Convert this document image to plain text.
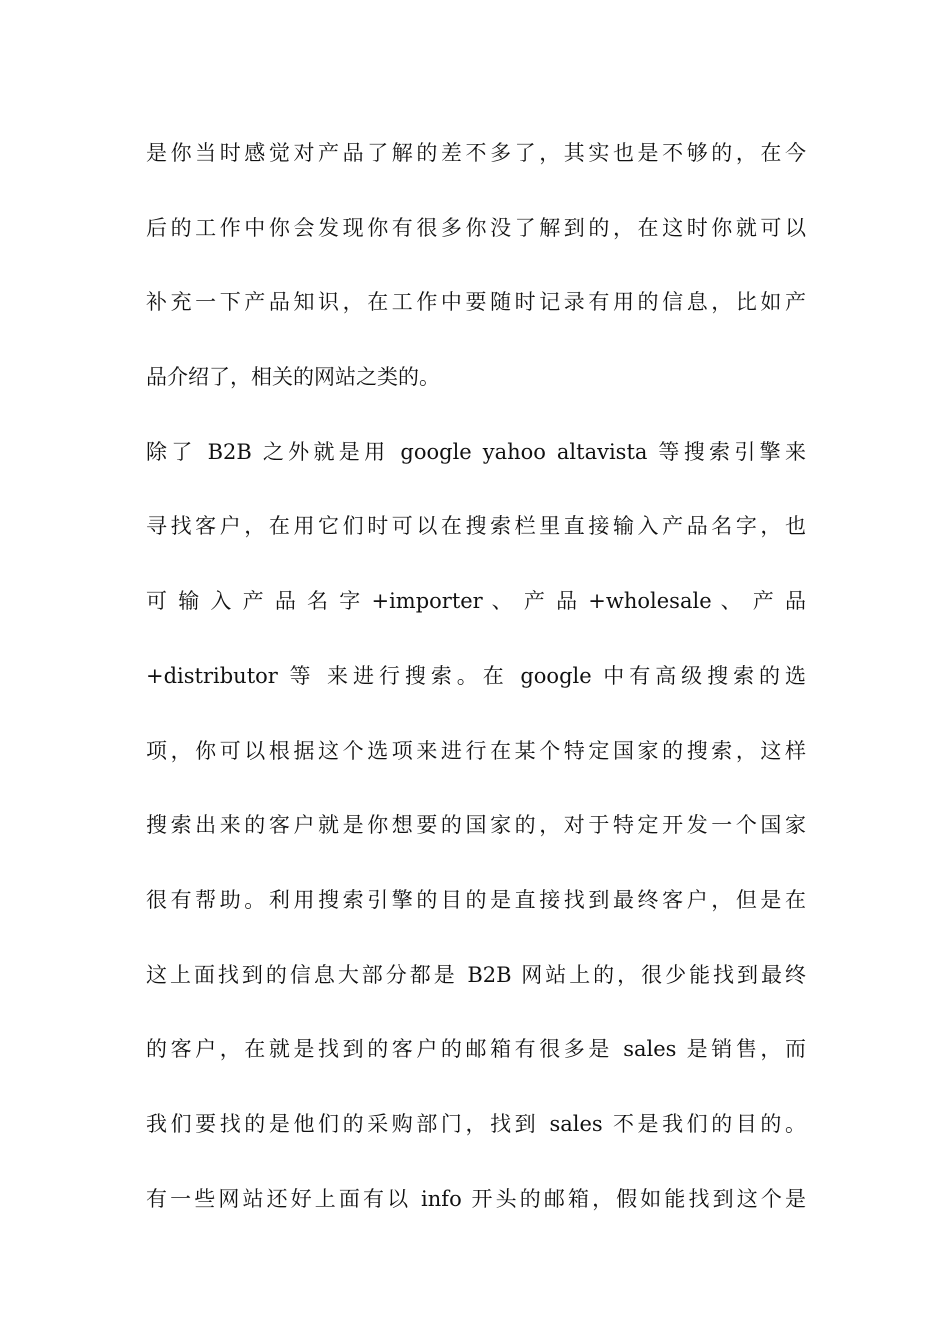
是你当时感觉对产品了解的差不多了，其实也是不够的，在今
后的工作中你会发现你有很多你没了解到的，在这时你就可以
补充一下产品知识，在工作中要随时记录有用的信息，比如产
品介绍了，相关的网站之类的。
除了 B2B 之外就是用 google yahoo altavista 等搜索引擎来
寻找客户，在用它们时可以在搜索栏里直接输入产品名字，也
可 输 入 产 品 名 字 +importer 、 产 品 +wholesale 、 产 品
+distributor 等 来进行搜索。在 google 中有高级搜索的选
项，你可以根据这个选项来进行在某个特定国家的搜索，这样
搜索出来的客户就是你想要的国家的，对于特定开发一个国家
很有帮助。利用搜索引擎的目的是直接找到最终客户，但是在
这上面找到的信息大部分都是 B2B 网站上的，很少能找到最终
的客户，在就是找到的客户的邮箱有很多是 sales 是销售，而
我们要找的是他们的采购部门，找到 sales 不是我们的目的。
有一些网站还好上面有以 info 开头的邮箱，假如能找到这个是
